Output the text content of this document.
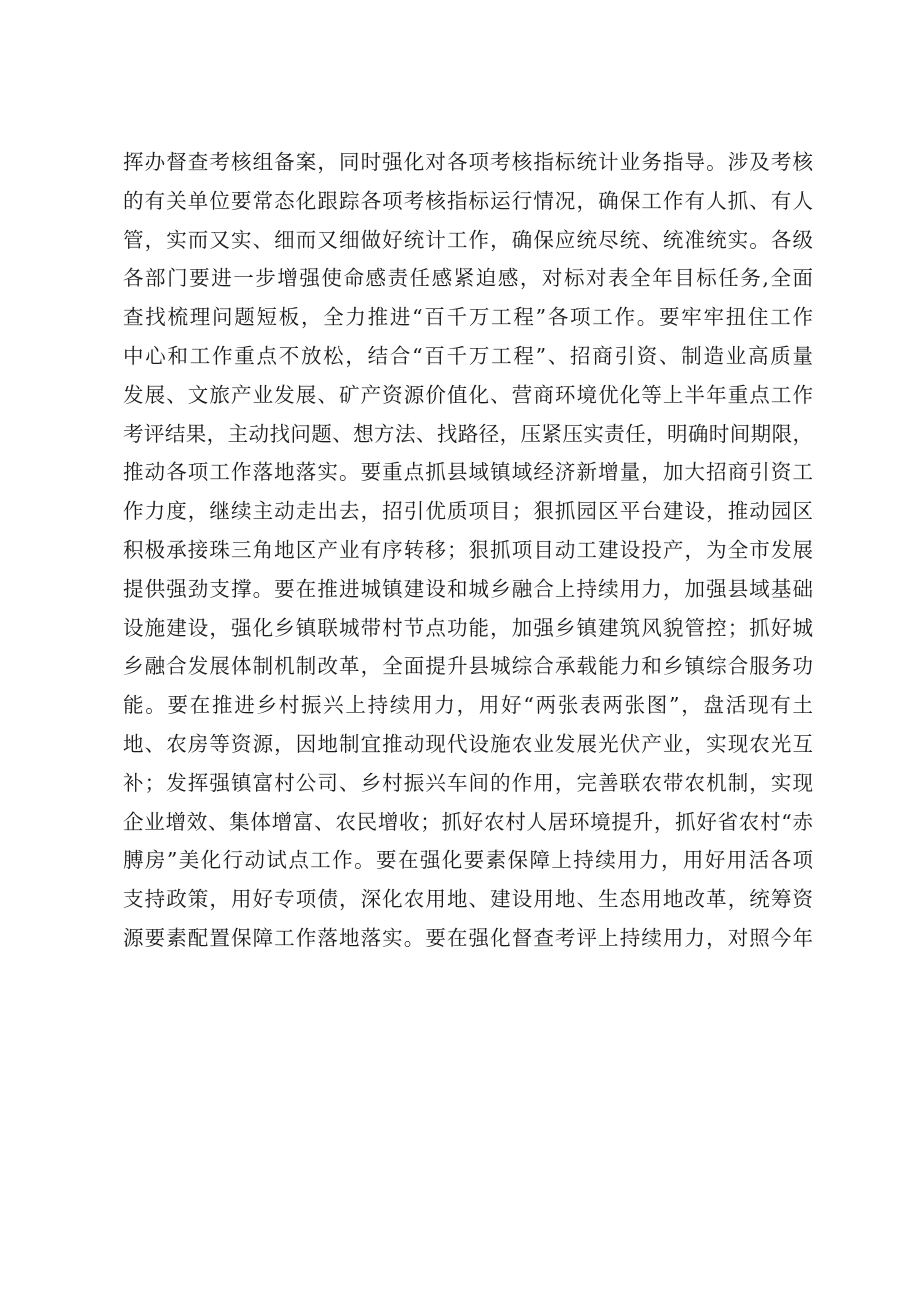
挥办督查考核组备案，同时强化对各项考核指标统计业务指导。涉及考核
的有关单位要常态化跟踪各项考核指标运行情况，确保工作有人抓、有人
管，实而又实、细而又细做好统计工作，确保应统尽统、统准统实。各级
各部门要进一步增强使命感责任感紧迫感，对标对表全年目标任务,全面
查找梳理问题短板，全力推进“百千万工程”各项工作。要牢牢扭住工作
中心和工作重点不放松，结合“百千万工程”、招商引资、制造业高质量
发展、文旅产业发展、矿产资源价值化、营商环境优化等上半年重点工作
考评结果，主动找问题、想方法、找路径，压紧压实责任，明确时间期限，
推动各项工作落地落实。要重点抓县域镇域经济新增量，加大招商引资工
作力度，继续主动走出去，招引优质项目；狠抓园区平台建设，推动园区
积极承接珠三角地区产业有序转移；狠抓项目动工建设投产，为全市发展
提供强劲支撑。要在推进城镇建设和城乡融合上持续用力，加强县域基础
设施建设，强化乡镇联城带村节点功能，加强乡镇建筑风貌管控；抓好城
乡融合发展体制机制改革，全面提升县城综合承载能力和乡镇综合服务功
能。要在推进乡村振兴上持续用力，用好“两张表两张图”，盘活现有土
地、农房等资源，因地制宜推动现代设施农业发展光伏产业，实现农光互
补；发挥强镇富村公司、乡村振兴车间的作用，完善联农带农机制，实现
企业增效、集体增富、农民增收；抓好农村人居环境提升，抓好省农村“赤
膊房”美化行动试点工作。要在强化要素保障上持续用力，用好用活各项
支持政策，用好专项债，深化农用地、建设用地、生态用地改革，统筹资
源要素配置保障工作落地落实。要在强化督查考评上持续用力，对照今年
